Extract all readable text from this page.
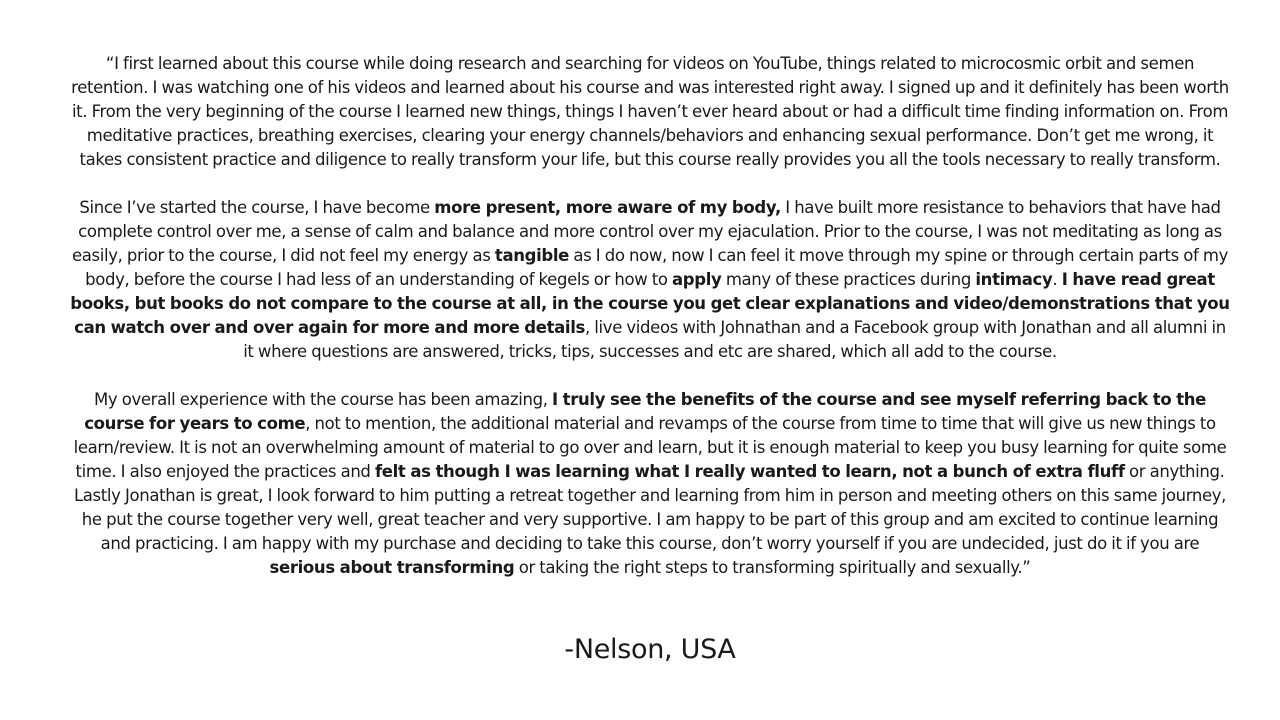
“I first learned about this course while doing research and searching for videos on YouTube, things related to microcosmic orbit and semen retention. I was watching one of his videos and learned about his course and was interested right away. I signed up and it definitely has been worth it. From the very beginning of the course I learned new things, things I haven’t ever heard about or had a difficult time finding information on. From meditative practices, breathing exercises, clearing your energy channels/behaviors and enhancing sexual performance. Don’t get me wrong, it takes consistent practice and diligence to really transform your life, but this course really provides you all the tools necessary to really transform.

Since I’ve started the course, I have become more present, more aware of my body, I have built more resistance to behaviors that have had complete control over me, a sense of calm and balance and more control over my ejaculation. Prior to the course, I was not meditating as long as easily, prior to the course, I did not feel my energy as tangible as I do now, now I can feel it move through my spine or through certain parts of my body, before the course I had less of an understanding of kegels or how to apply many of these practices during intimacy. I have read great books, but books do not compare to the course at all, in the course you get clear explanations and video/demonstrations that you can watch over and over again for more and more details, live videos with Johnathan and a Facebook group with Jonathan and all alumni in it where questions are answered, tricks, tips, successes and etc are shared, which all add to the course.

My overall experience with the course has been amazing, I truly see the benefits of the course and see myself referring back to the course for years to come, not to mention, the additional material and revamps of the course from time to time that will give us new things to learn/review. It is not an overwhelming amount of material to go over and learn, but it is enough material to keep you busy learning for quite some time. I also enjoyed the practices and felt as though I was learning what I really wanted to learn, not a bunch of extra fluff or anything. Lastly Jonathan is great, I look forward to him putting a retreat together and learning from him in person and meeting others on this same journey, he put the course together very well, great teacher and very supportive. I am happy to be part of this group and am excited to continue learning and practicing. I am happy with my purchase and deciding to take this course, don’t worry yourself if you are undecided, just do it if you are serious about transforming or taking the right steps to transforming spiritually and sexually.”

-Nelson, USA
